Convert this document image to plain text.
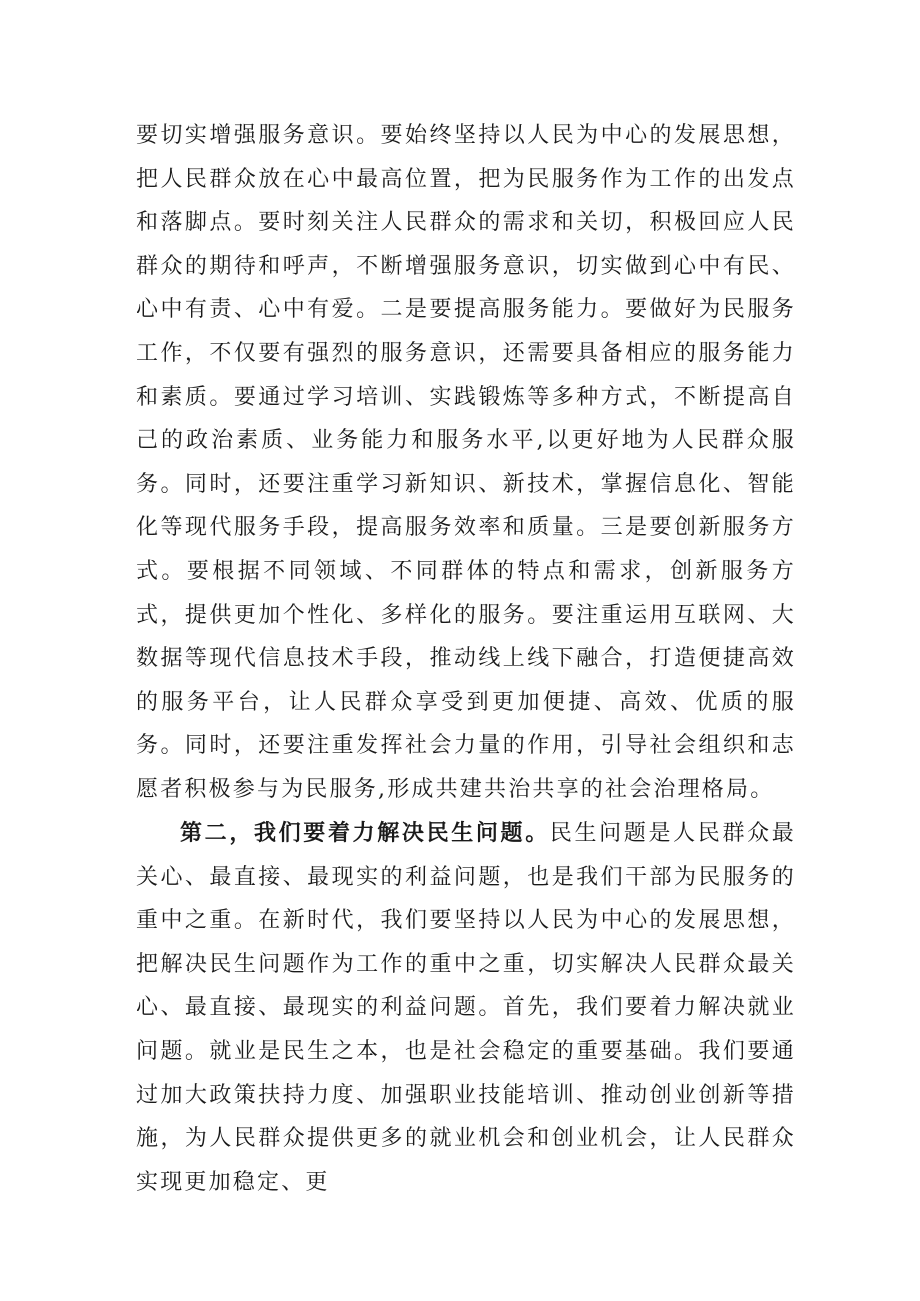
要切实增强服务意识。要始终坚持以人民为中心的发展思想，把人民群众放在心中最高位置，把为民服务作为工作的出发点和落脚点。要时刻关注人民群众的需求和关切，积极回应人民群众的期待和呼声，不断增强服务意识，切实做到心中有民、心中有责、心中有爱。二是要提高服务能力。要做好为民服务工作，不仅要有强烈的服务意识，还需要具备相应的服务能力和素质。要通过学习培训、实践锻炼等多种方式，不断提高自己的政治素质、业务能力和服务水平,以更好地为人民群众服务。同时，还要注重学习新知识、新技术，掌握信息化、智能化等现代服务手段，提高服务效率和质量。三是要创新服务方式。要根据不同领域、不同群体的特点和需求，创新服务方式，提供更加个性化、多样化的服务。要注重运用互联网、大数据等现代信息技术手段，推动线上线下融合，打造便捷高效的服务平台，让人民群众享受到更加便捷、高效、优质的服务。同时，还要注重发挥社会力量的作用，引导社会组织和志愿者积极参与为民服务,形成共建共治共享的社会治理格局。

第二，我们要着力解决民生问题。民生问题是人民群众最关心、最直接、最现实的利益问题，也是我们干部为民服务的重中之重。在新时代，我们要坚持以人民为中心的发展思想，把解决民生问题作为工作的重中之重，切实解决人民群众最关心、最直接、最现实的利益问题。首先，我们要着力解决就业问题。就业是民生之本，也是社会稳定的重要基础。我们要通过加大政策扶持力度、加强职业技能培训、推动创业创新等措施，为人民群众提供更多的就业机会和创业机会，让人民群众实现更加稳定、更
